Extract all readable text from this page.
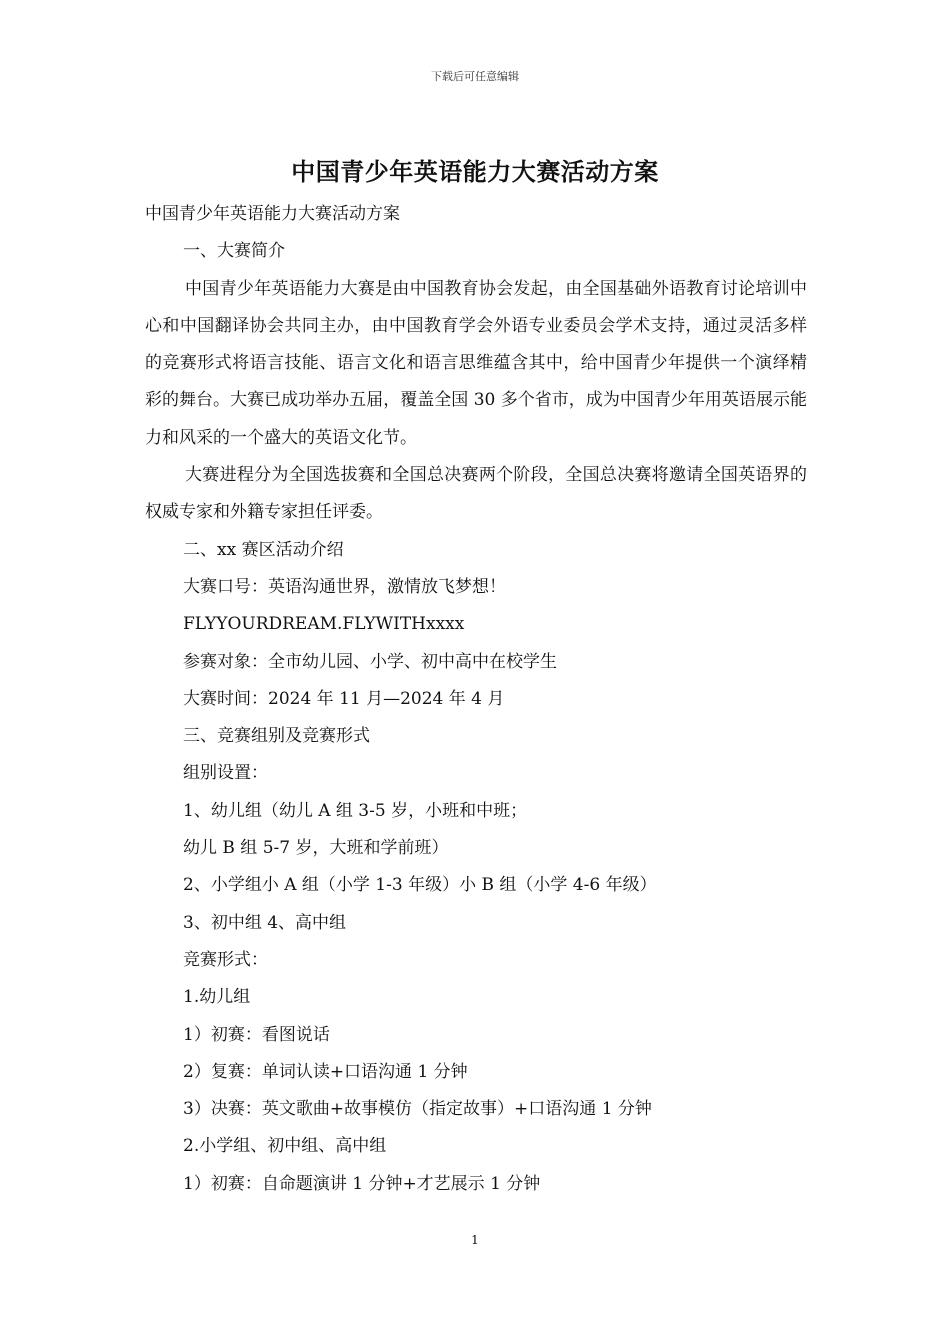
下载后可任意编辑
中国青少年英语能力大赛活动方案
中国青少年英语能力大赛活动方案
一、大赛简介

中国青少年英语能力大赛是由中国教育协会发起，由全国基础外语教育讨论培训中心和中国翻译协会共同主办，由中国教育学会外语专业委员会学术支持，通过灵活多样的竞赛形式将语言技能、语言文化和语言思维蕴含其中，给中国青少年提供一个演绎精彩的舞台。大赛已成功举办五届，覆盖全国 30 多个省市，成为中国青少年用英语展示能力和风采的一个盛大的英语文化节。

大赛进程分为全国选拔赛和全国总决赛两个阶段，全国总决赛将邀请全国英语界的权威专家和外籍专家担任评委。

二、xx 赛区活动介绍
大赛口号：英语沟通世界，激情放飞梦想！
FLYYOURDREAM.FLYWITHxxxx
参赛对象：全市幼儿园、小学、初中高中在校学生
大赛时间：2024 年 11 月—2024 年 4 月
三、竞赛组别及竞赛形式
组别设置：
1、幼儿组（幼儿 A 组 3-5 岁，小班和中班；
幼儿 B 组 5-7 岁，大班和学前班）
2、小学组小 A 组（小学 1-3 年级）小 B 组（小学 4-6 年级）
3、初中组 4、高中组
竞赛形式：
1.幼儿组
1）初赛：看图说话
2）复赛：单词认读+口语沟通 1 分钟
3）决赛：英文歌曲+故事模仿（指定故事）+口语沟通 1 分钟
2.小学组、初中组、高中组
1）初赛：自命题演讲 1 分钟+才艺展示 1 分钟
1
